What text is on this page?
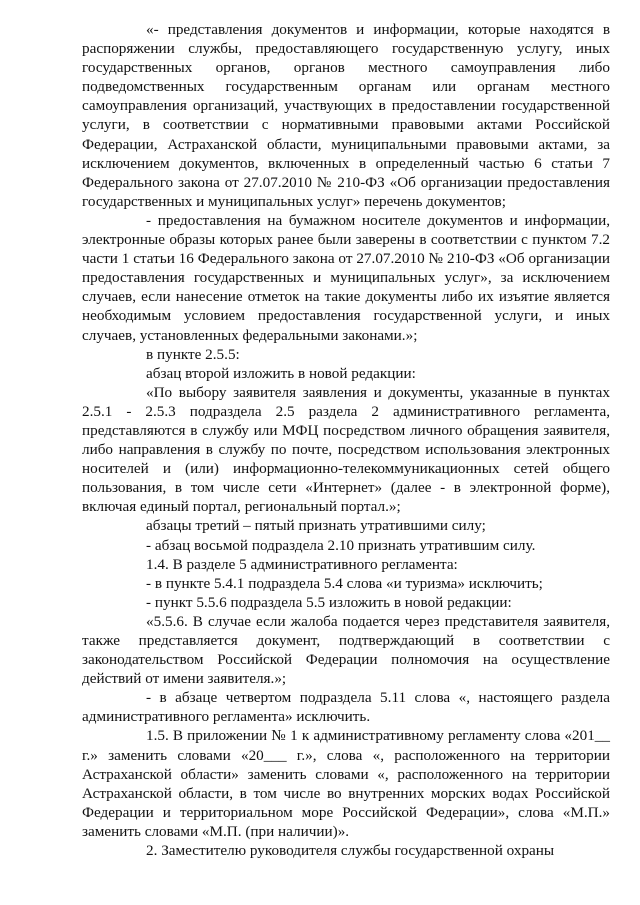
«- представления документов и информации, которые находятся в распоряжении службы, предоставляющего государственную услугу, иных государственных органов, органов местного самоуправления либо подведомственных государственным органам или органам местного самоуправления организаций, участвующих в предоставлении государственной услуги, в соответствии с нормативными правовыми актами Российской Федерации, Астраханской области, муниципальными правовыми актами, за исключением документов, включенных в определенный частью 6 статьи 7 Федерального закона от 27.07.2010 № 210-ФЗ «Об организации предоставления государственных и муниципальных услуг» перечень документов;

- предоставления на бумажном носителе документов и информации, электронные образы которых ранее были заверены в соответствии с пунктом 7.2 части 1 статьи 16 Федерального закона от 27.07.2010 № 210-ФЗ «Об организации предоставления государственных и муниципальных услуг», за исключением случаев, если нанесение отметок на такие документы либо их изъятие является необходимым условием предоставления государственной услуги, и иных случаев, установленных федеральными законами.»;

в пункте 2.5.5:

абзац второй изложить в новой редакции:

«По выбору заявителя заявления и документы, указанные в пунктах 2.5.1 - 2.5.3 подраздела 2.5 раздела 2 административного регламента, представляются в службу или МФЦ посредством личного обращения заявителя, либо направления в службу по почте, посредством использования электронных носителей и (или) информационно-телекоммуникационных сетей общего пользования, в том числе сети «Интернет» (далее - в электронной форме), включая единый портал, региональный портал.»;

абзацы третий – пятый признать утратившими силу;

- абзац восьмой подраздела 2.10 признать утратившим силу.

1.4. В разделе 5 административного регламента:

- в пункте 5.4.1 подраздела 5.4 слова «и туризма» исключить;

- пункт 5.5.6 подраздела 5.5 изложить в новой редакции:

«5.5.6. В случае если жалоба подается через представителя заявителя, также представляется документ, подтверждающий в соответствии с законодательством Российской Федерации полномочия на осуществление действий от имени заявителя.»;

- в абзаце четвертом подраздела 5.11 слова «, настоящего раздела административного регламента» исключить.

1.5. В приложении № 1 к административному регламенту слова «201__ г.» заменить словами «20___ г.», слова «, расположенного на территории Астраханской области» заменить словами «, расположенного на территории Астраханской области, в том числе во внутренних морских водах Российской Федерации и территориальном море Российской Федерации», слова «М.П.» заменить словами «М.П. (при наличии)».

2. Заместителю руководителя службы государственной охраны
